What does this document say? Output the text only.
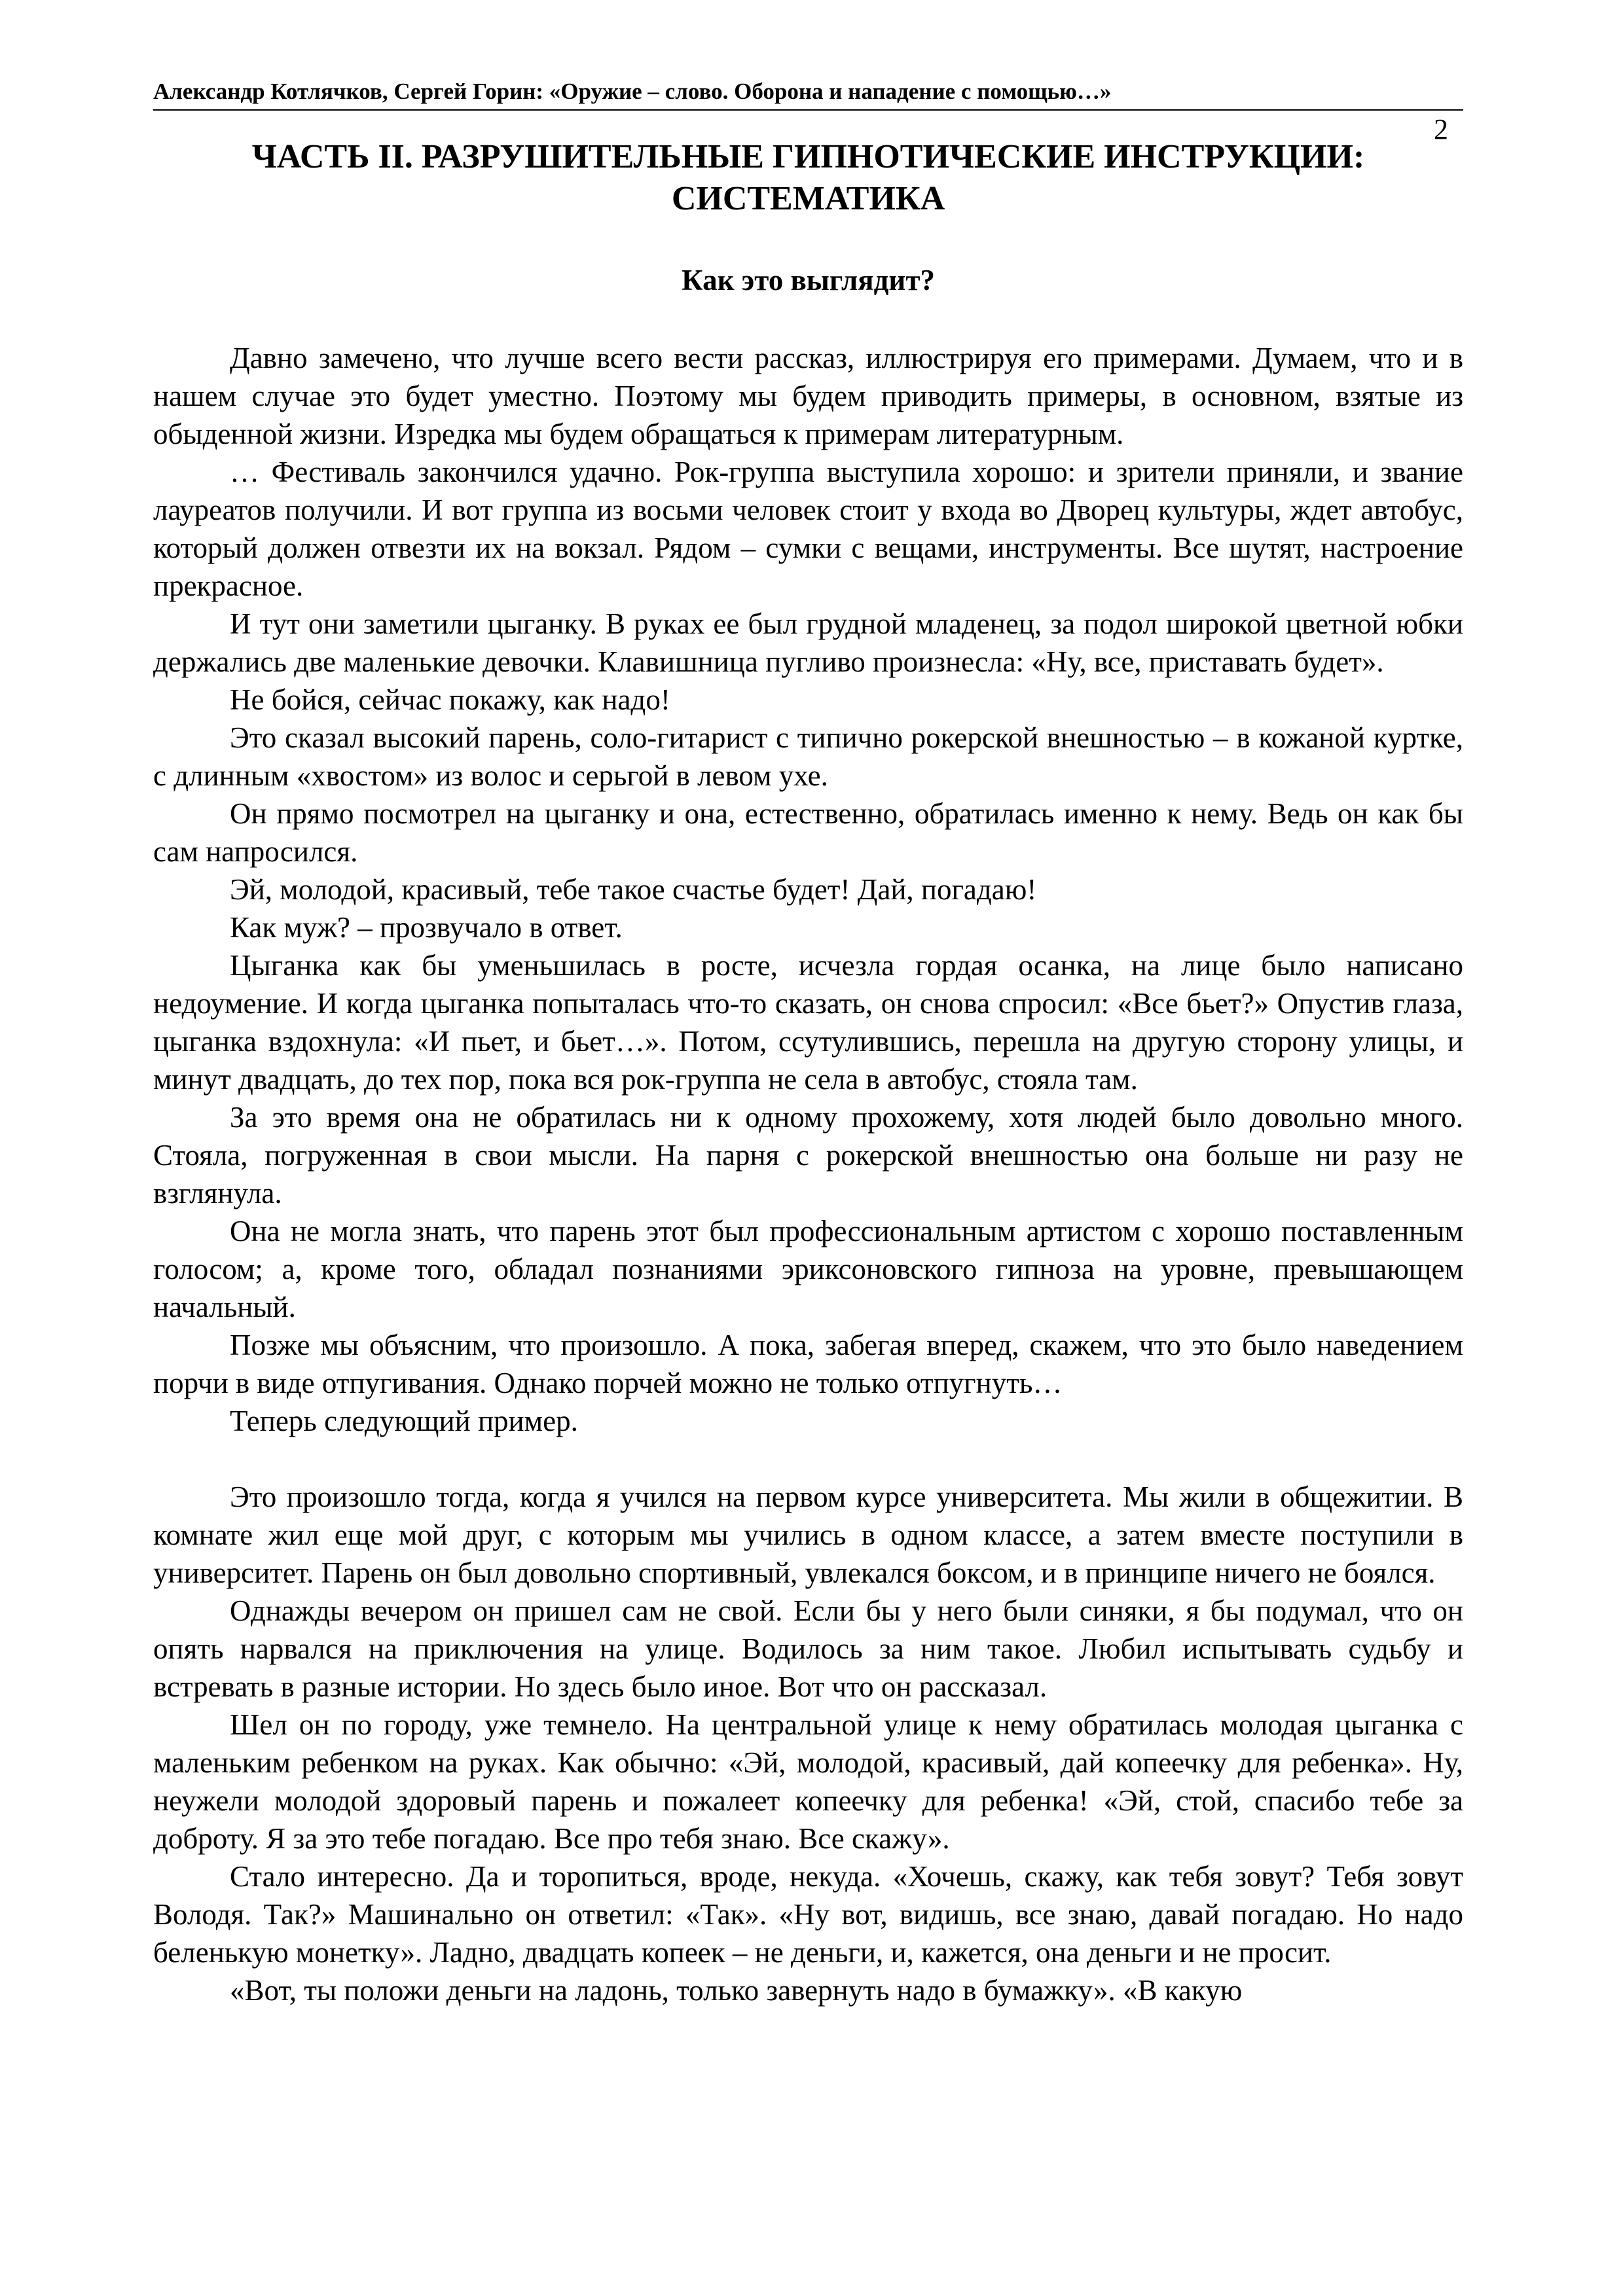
Александр Котлячков, Сергей Горин: «Оружие – слово. Оборона и нападение с помощью…»
2
ЧАСТЬ II. РАЗРУШИТЕЛЬНЫЕ ГИПНОТИЧЕСКИЕ ИНСТРУКЦИИ: СИСТЕМАТИКА
Как это выглядит?

Давно замечено, что лучше всего вести рассказ, иллюстрируя его примерами. Думаем, что и в нашем случае это будет уместно. Поэтому мы будем приводить примеры, в основном, взятые из обыденной жизни. Изредка мы будем обращаться к примерам литературным.

… Фестиваль закончился удачно. Рок-группа выступила хорошо: и зрители приняли, и звание лауреатов получили. И вот группа из восьми человек стоит у входа во Дворец культуры, ждет автобус, который должен отвезти их на вокзал. Рядом – сумки с вещами, инструменты. Все шутят, настроение прекрасное.

И тут они заметили цыганку. В руках ее был грудной младенец, за подол широкой цветной юбки держались две маленькие девочки. Клавишница пугливо произнесла: «Ну, все, приставать будет».

Не бойся, сейчас покажу, как надо!

Это сказал высокий парень, соло-гитарист с типично рокерской внешностью – в кожаной куртке, с длинным «хвостом» из волос и серьгой в левом ухе.

Он прямо посмотрел на цыганку и она, естественно, обратилась именно к нему. Ведь он как бы сам напросился.

Эй, молодой, красивый, тебе такое счастье будет! Дай, погадаю!

Как муж? – прозвучало в ответ.

Цыганка как бы уменьшилась в росте, исчезла гордая осанка, на лице было написано недоумение. И когда цыганка попыталась что-то сказать, он снова спросил: «Все бьет?» Опустив глаза, цыганка вздохнула: «И пьет, и бьет…». Потом, ссутулившись, перешла на другую сторону улицы, и минут двадцать, до тех пор, пока вся рок-группа не села в автобус, стояла там.

За это время она не обратилась ни к одному прохожему, хотя людей было довольно много. Стояла, погруженная в свои мысли. На парня с рокерской внешностью она больше ни разу не взглянула.

Она не могла знать, что парень этот был профессиональным артистом с хорошо поставленным голосом; а, кроме того, обладал познаниями эриксоновского гипноза на уровне, превышающем начальный.

Позже мы объясним, что произошло. А пока, забегая вперед, скажем, что это было наведением порчи в виде отпугивания. Однако порчей можно не только отпугнуть…

Теперь следующий пример.

Это произошло тогда, когда я учился на первом курсе университета. Мы жили в общежитии. В комнате жил еще мой друг, с которым мы учились в одном классе, а затем вместе поступили в университет. Парень он был довольно спортивный, увлекался боксом, и в принципе ничего не боялся.

Однажды вечером он пришел сам не свой. Если бы у него были синяки, я бы подумал, что он опять нарвался на приключения на улице. Водилось за ним такое. Любил испытывать судьбу и встревать в разные истории. Но здесь было иное. Вот что он рассказал.

Шел он по городу, уже темнело. На центральной улице к нему обратилась молодая цыганка с маленьким ребенком на руках. Как обычно: «Эй, молодой, красивый, дай копеечку для ребенка». Ну, неужели молодой здоровый парень и пожалеет копеечку для ребенка! «Эй, стой, спасибо тебе за доброту. Я за это тебе погадаю. Все про тебя знаю. Все скажу».

Стало интересно. Да и торопиться, вроде, некуда. «Хочешь, скажу, как тебя зовут? Тебя зовут Володя. Так?» Машинально он ответил: «Так». «Ну вот, видишь, все знаю, давай погадаю. Но надо беленькую монетку». Ладно, двадцать копеек – не деньги, и, кажется, она деньги и не просит.

«Вот, ты положи деньги на ладонь, только завернуть надо в бумажку». «В какую
